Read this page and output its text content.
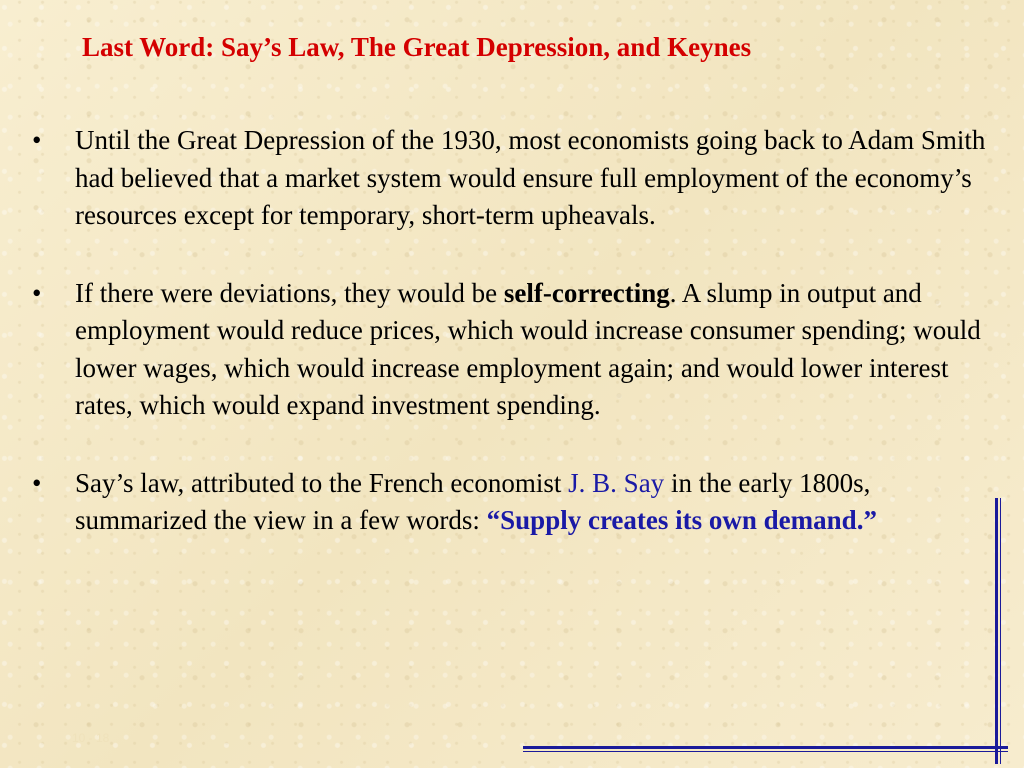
Last Word: Say’s Law, The Great Depression, and Keynes
• Until the Great Depression of the 1930, most economists going back to Adam Smith had believed that a market system would ensure full employment of the economy’s resources except for temporary, short-term upheavals.
• If there were deviations, they would be self-correcting. A slump in output and employment would reduce prices, which would increase consumer spending; would lower wages, which would increase employment again; and would lower interest rates, which would expand investment spending.
• Say’s law, attributed to the French economist J. B. Say in the early 1800s, summarized the view in a few words: “Supply creates its own demand.”
10 - 18
